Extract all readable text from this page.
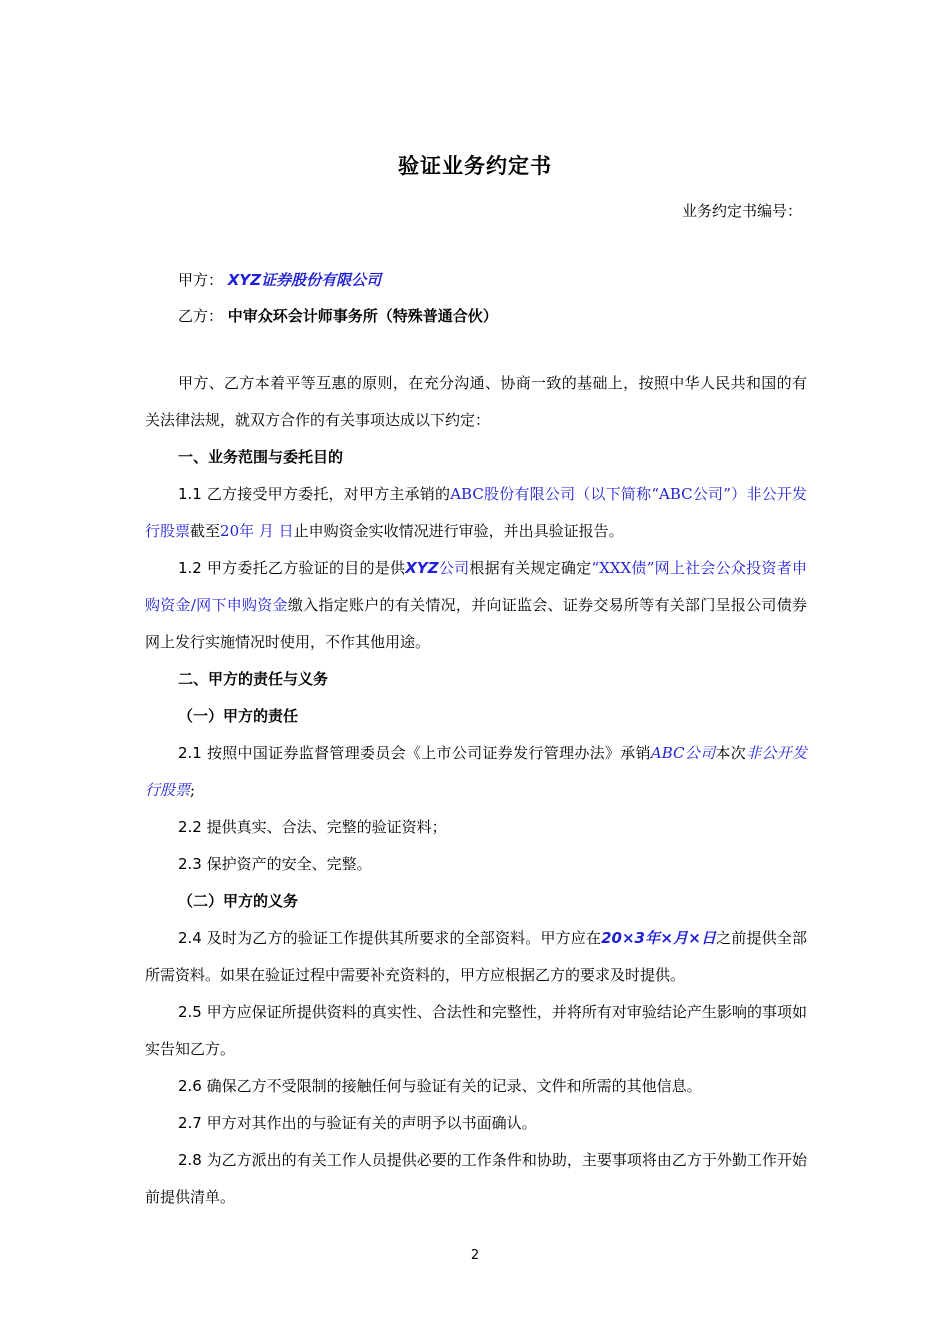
验证业务约定书
业务约定书编号：
甲方： XYZ证券股份有限公司
乙方： 中审众环会计师事务所（特殊普通合伙）

甲方、乙方本着平等互惠的原则，在充分沟通、协商一致的基础上，按照中华人民共和国的有关法律法规，就双方合作的有关事项达成以下约定：

一、业务范围与委托目的

1.1 乙方接受甲方委托，对甲方主承销的ABC股份有限公司（以下简称“ABC公司”）非公开发行股票截至20年 月 日止申购资金实收情况进行审验，并出具验证报告。

1.2 甲方委托乙方验证的目的是供XYZ公司根据有关规定确定“XXX债”网上社会公众投资者申购资金/网下申购资金缴入指定账户的有关情况，并向证监会、证券交易所等有关部门呈报公司债券网上发行实施情况时使用，不作其他用途。

二、甲方的责任与义务

（一）甲方的责任

2.1 按照中国证券监督管理委员会《上市公司证券发行管理办法》承销ABC公司本次非公开发行股票;

2.2 提供真实、合法、完整的验证资料；

2.3 保护资产的安全、完整。

（二）甲方的义务

2.4 及时为乙方的验证工作提供其所要求的全部资料。甲方应在20×3年×月×日之前提供全部所需资料。如果在验证过程中需要补充资料的，甲方应根据乙方的要求及时提供。

2.5 甲方应保证所提供资料的真实性、合法性和完整性，并将所有对审验结论产生影响的事项如实告知乙方。

2.6 确保乙方不受限制的接触任何与验证有关的记录、文件和所需的其他信息。

2.7 甲方对其作出的与验证有关的声明予以书面确认。

2.8 为乙方派出的有关工作人员提供必要的工作条件和协助，主要事项将由乙方于外勤工作开始前提供清单。

2
